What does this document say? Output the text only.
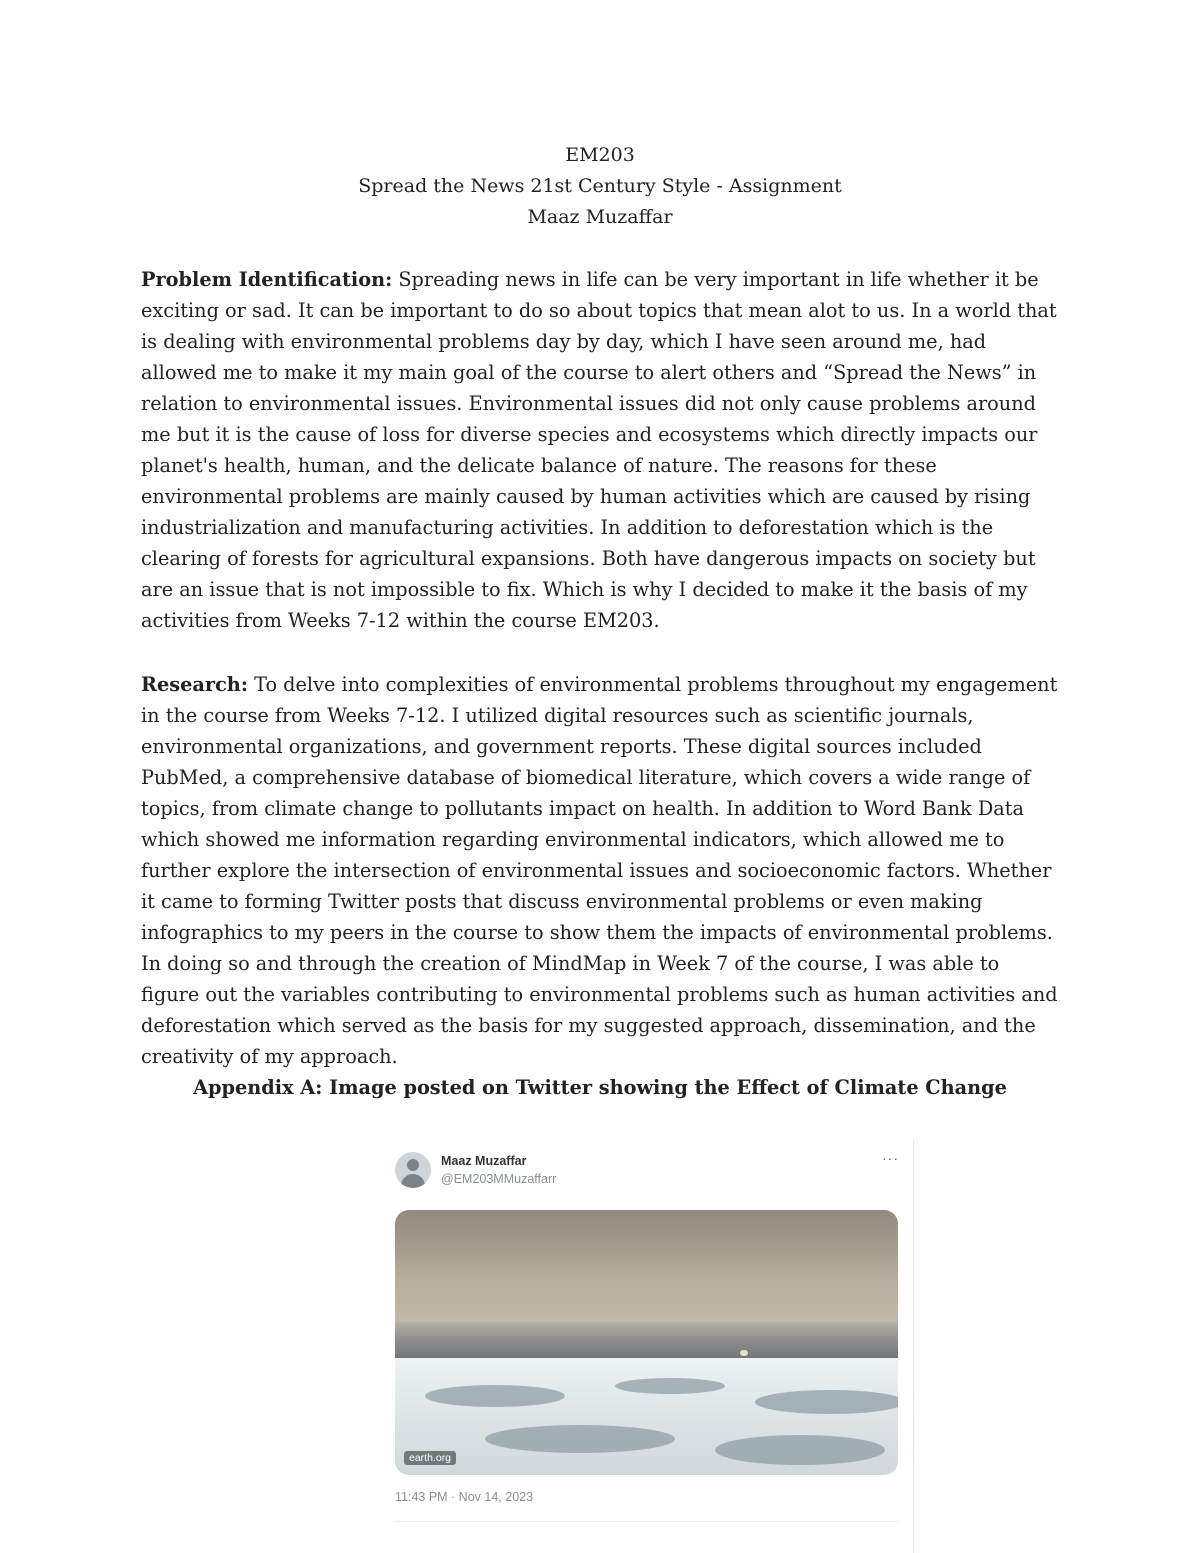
EM203
Spread the News 21st Century Style - Assignment
Maaz Muzaffar
Problem Identification: Spreading news in life can be very important in life whether it be exciting or sad. It can be important to do so about topics that mean alot to us. In a world that is dealing with environmental problems day by day, which I have seen around me, had allowed me to make it my main goal of the course to alert others and “Spread the News” in relation to environmental issues. Environmental issues did not only cause problems around me but it is the cause of loss for diverse species and ecosystems which directly impacts our planet's health, human, and the delicate balance of nature. The reasons for these environmental problems are mainly caused by human activities which are caused by rising industrialization and manufacturing activities. In addition to deforestation which is the clearing of forests for agricultural expansions. Both have dangerous impacts on society but are an issue that is not impossible to fix. Which is why I decided to make it the basis of my activities from Weeks 7-12 within the course EM203.
Research: To delve into complexities of environmental problems throughout my engagement in the course from Weeks 7-12. I utilized digital resources such as scientific journals, environmental organizations, and government reports. These digital sources included PubMed, a comprehensive database of biomedical literature, which covers a wide range of topics, from climate change to pollutants impact on health. In addition to Word Bank Data which showed me information regarding environmental indicators, which allowed me to further explore the intersection of environmental issues and socioeconomic factors. Whether it came to forming Twitter posts that discuss environmental problems or even making infographics to my peers in the course to show them the impacts of environmental problems. In doing so and through the creation of MindMap in Week 7 of the course, I was able to figure out the variables contributing to environmental problems such as human activities and deforestation which served as the basis for my suggested approach, dissemination, and the creativity of my approach.
Appendix A: Image posted on Twitter showing the Effect of Climate Change
Maaz Muzaffar
@EM203MMuzaffarr
···
earth.org
11:43 PM · Nov 14, 2023
